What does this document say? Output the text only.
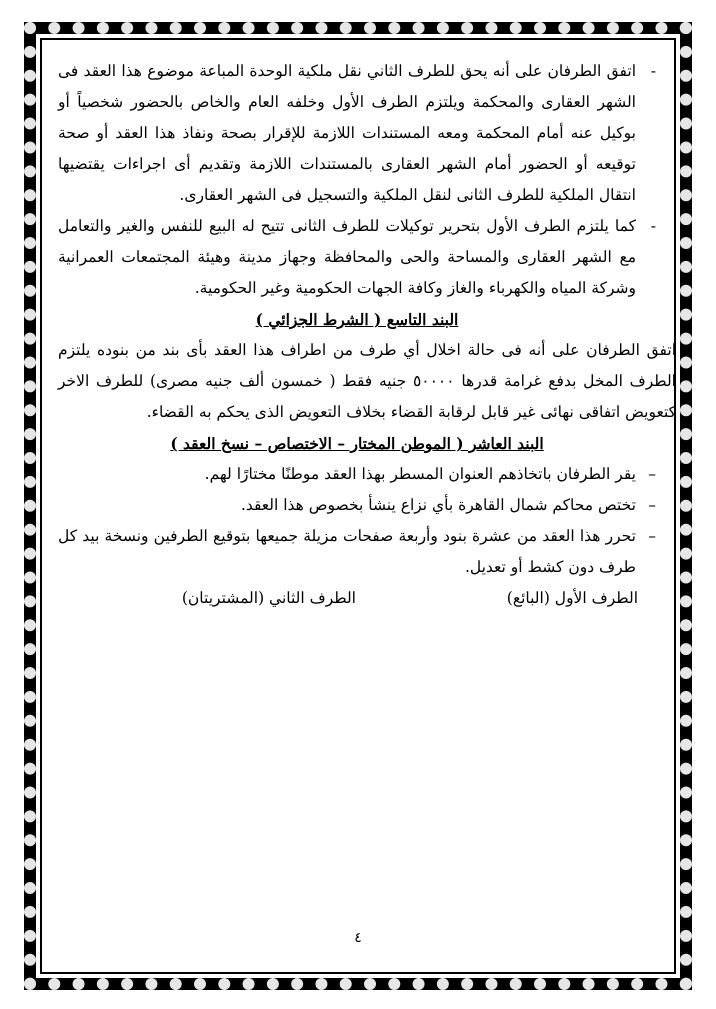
-
اتفق الطرفان على أنه يحق للطرف الثاني نقل ملكية الوحدة المباعة موضوع هذا العقد فى الشهر العقارى والمحكمة ويلتزم الطرف الأول وخلفه العام والخاص بالحضور شخصياً أو بوكيل عنه أمام المحكمة ومعه المستندات اللازمة للإقرار بصحة ونفاذ هذا العقد أو صحة توقيعه أو الحضور أمام الشهر العقارى بالمستندات اللازمة وتقديم أى اجراءات يقتضيها انتقال الملكية للطرف الثانى لنقل الملكية والتسجيل فى الشهر العقارى.

-
كما يلتزم الطرف الأول بتحرير توكيلات للطرف الثانى تتيح له البيع للنفس والغير والتعامل مع الشهر العقارى والمساحة والحى والمحافظة وجهاز مدينة وهيئة المجتمعات العمرانية وشركة المياه والكهرباء والغاز وكافة الجهات الحكومية وغير الحكومية.

البند التاسع ( الشرط الجزائي )

اتفق الطرفان على أنه فى حالة اخلال أي طرف من اطراف هذا العقد بأى بند من بنوده يلتزم الطرف المخل بدفع غرامة قدرها ٥٠٠٠٠ جنيه فقط ( خمسون ألف جنيه مصرى) للطرف الاخر كتعويض اتفاقى نهائى غير قابل لرقابة القضاء بخلاف التعويض الذى يحكم به القضاء.

البند العاشر ( الموطن المختار – الاختصاص – نسخ العقد )

–
يقر الطرفان باتخاذهم العنوان المسطر بهذا العقد موطنًا مختارًا لهم.

–
تختص محاكم شمال القاهرة بأي نزاع ينشأ بخصوص هذا العقد.

–
تحرر هذا العقد من عشرة بنود وأربعة صفحات مزيلة جميعها بتوقيع الطرفين ونسخة بيد كل طرف دون كشط أو تعديل.

الطرف الأول (البائع)
الطرف الثاني (المشتريتان)
٤
